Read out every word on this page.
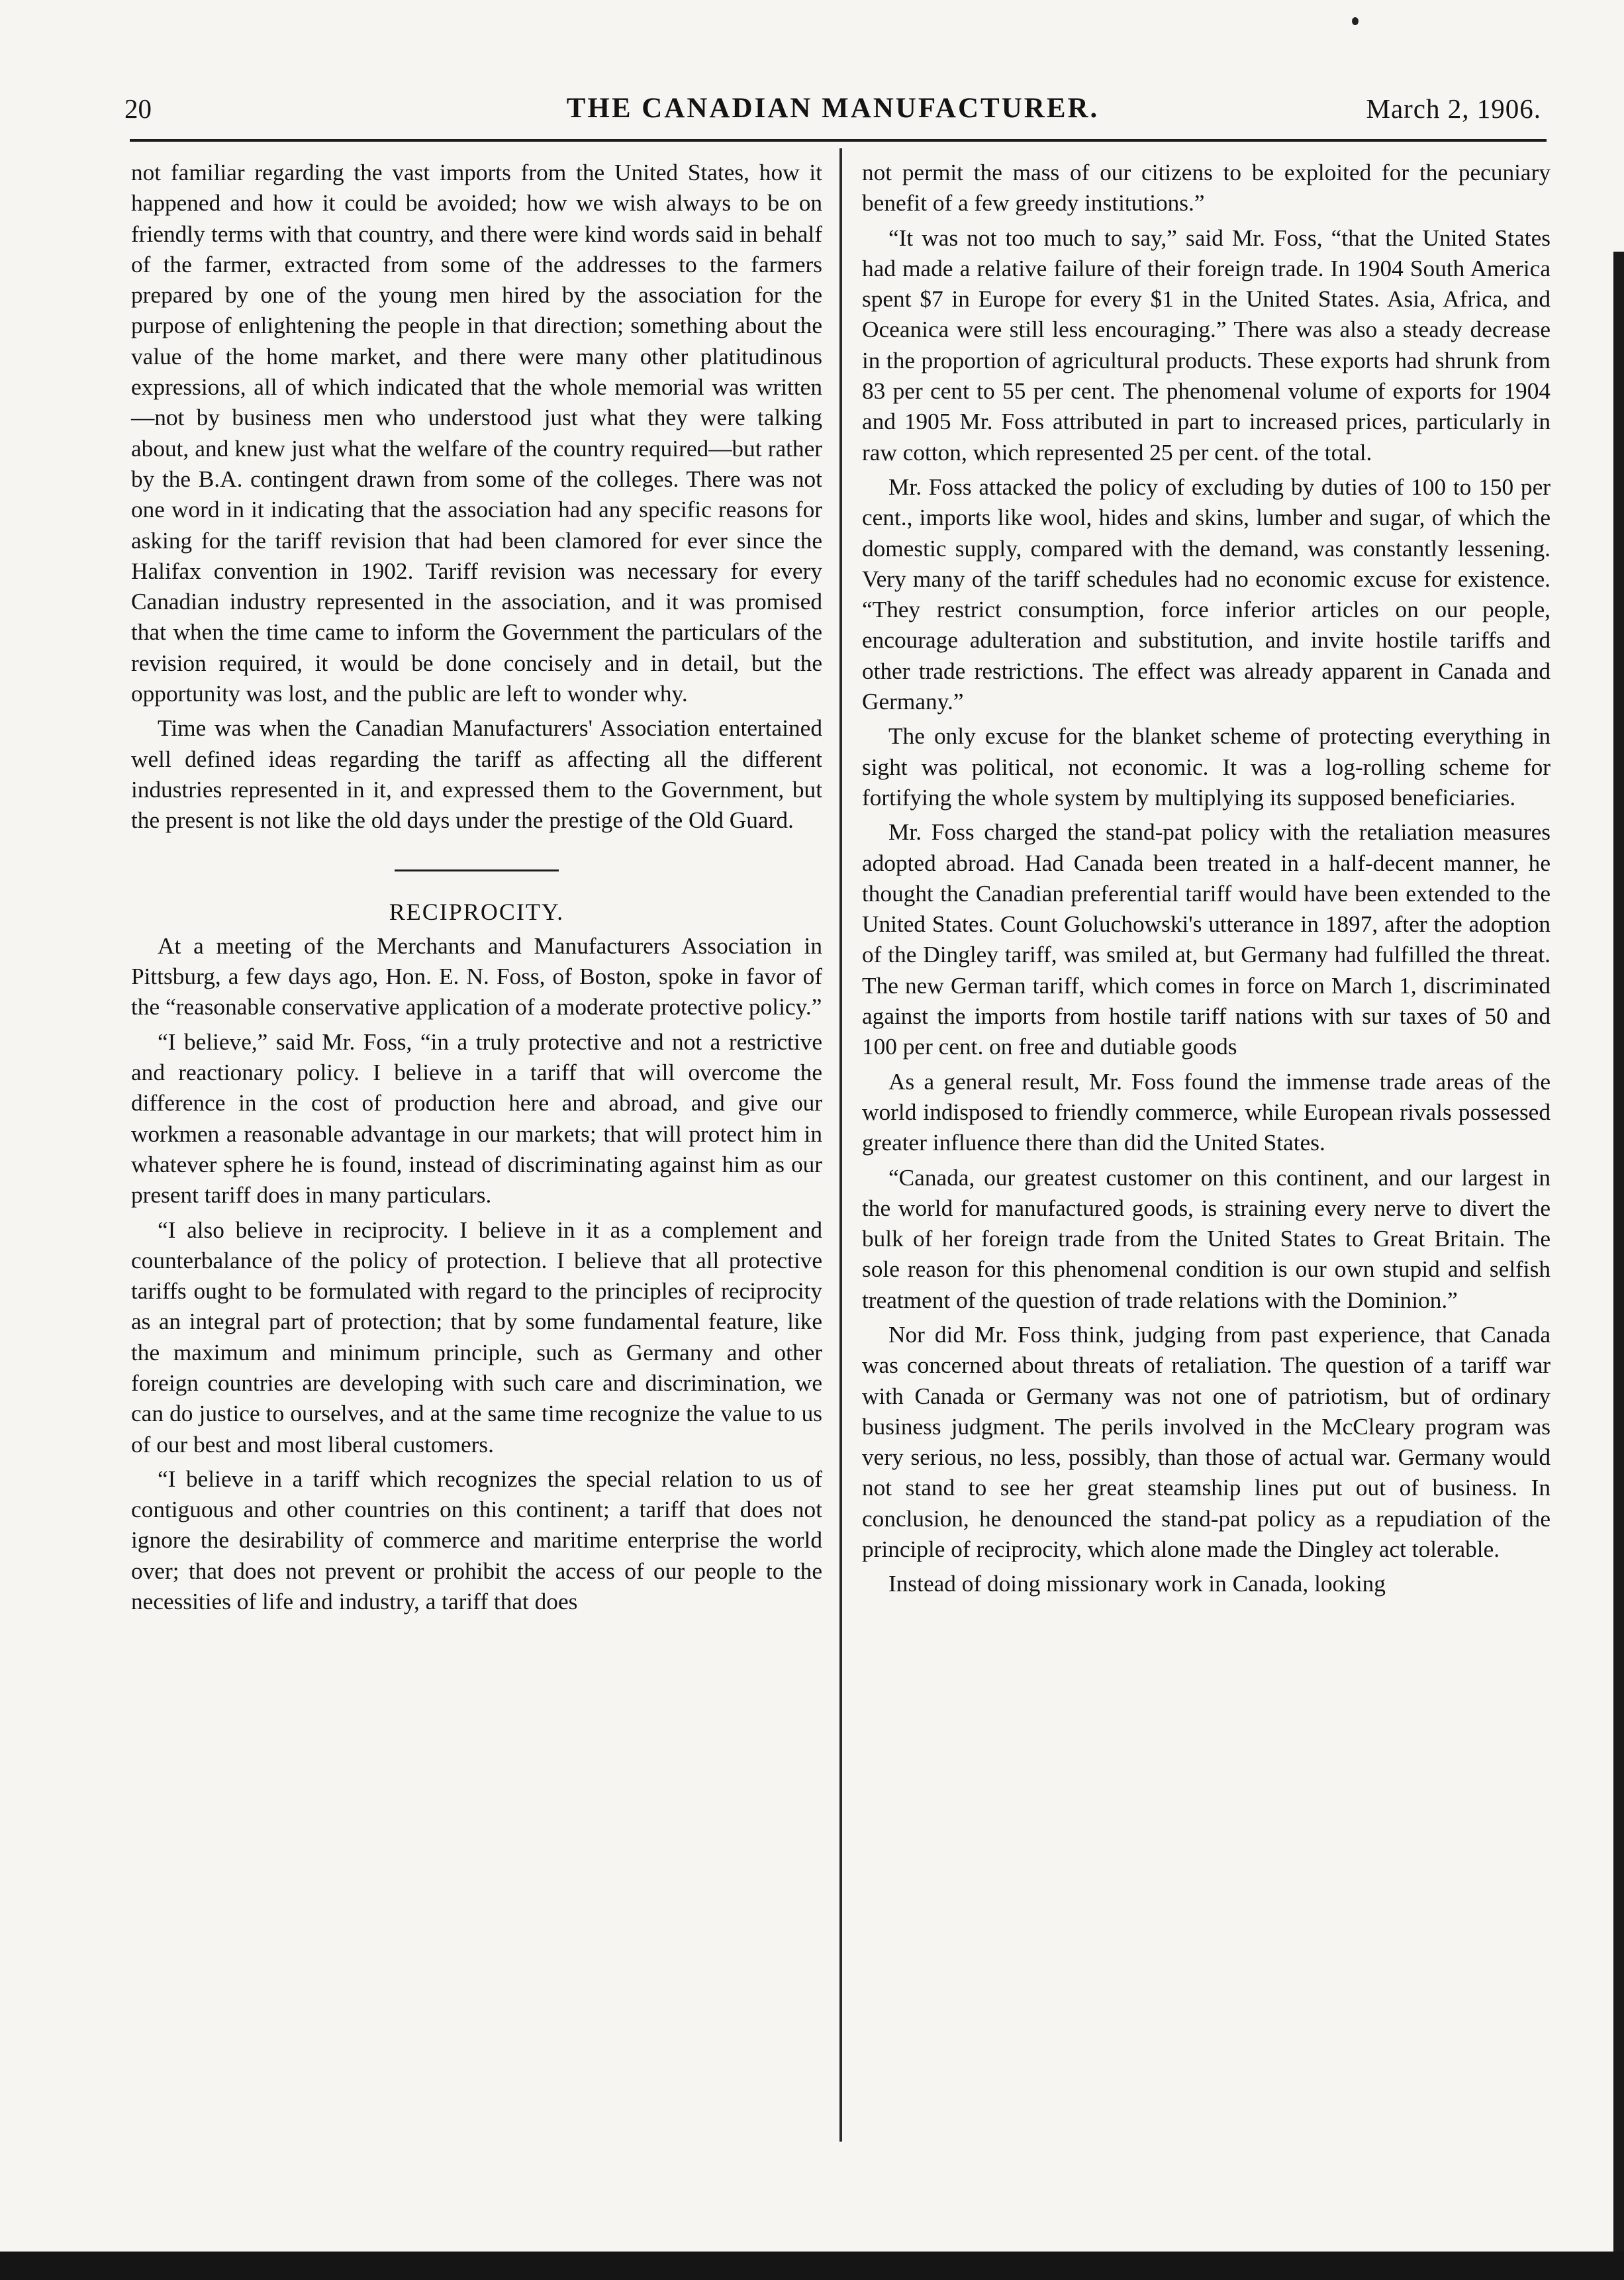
20	THE CANADIAN MANUFACTURER.	March 2, 1906.

not familiar regarding the vast imports from the United States, how it happened and how it could be avoided; how we wish always to be on friendly terms with that country, and there were kind words said in behalf of the farmer, extracted from some of the addresses to the farmers prepared by one of the young men hired by the association for the purpose of enlightening the people in that direction; something about the value of the home market, and there were many other platitudinous expressions, all of which indicated that the whole memorial was written—not by business men who understood just what they were talking about, and knew just what the welfare of the country required—but rather by the B.A. contingent drawn from some of the colleges. There was not one word in it indicating that the association had any specific reasons for asking for the tariff revision that had been clamored for ever since the Halifax convention in 1902. Tariff revision was necessary for every Canadian industry represented in the association, and it was promised that when the time came to inform the Government the particulars of the revision required, it would be done concisely and in detail, but the opportunity was lost, and the public are left to wonder why.

Time was when the Canadian Manufacturers' Association entertained well defined ideas regarding the tariff as affecting all the different industries represented in it, and expressed them to the Government, but the present is not like the old days under the prestige of the Old Guard.

RECIPROCITY.

At a meeting of the Merchants and Manufacturers Association in Pittsburg, a few days ago, Hon. E. N. Foss, of Boston, spoke in favor of the “reasonable conservative application of a moderate protective policy.”

“I believe,” said Mr. Foss, “in a truly protective and not a restrictive and reactionary policy. I believe in a tariff that will overcome the difference in the cost of production here and abroad, and give our workmen a reasonable advantage in our markets; that will protect him in whatever sphere he is found, instead of discriminating against him as our present tariff does in many particulars.

“I also believe in reciprocity. I believe in it as a complement and counterbalance of the policy of protection. I believe that all protective tariffs ought to be formulated with regard to the principles of reciprocity as an integral part of protection; that by some fundamental feature, like the maximum and minimum principle, such as Germany and other foreign countries are developing with such care and discrimination, we can do justice to ourselves, and at the same time recognize the value to us of our best and most liberal customers.

“I believe in a tariff which recognizes the special relation to us of contiguous and other countries on this continent; a tariff that does not ignore the desirability of commerce and maritime enterprise the world over; that does not prevent or prohibit the access of our people to the necessities of life and industry, a tariff that does

not permit the mass of our citizens to be exploited for the pecuniary benefit of a few greedy institutions.”

“It was not too much to say,” said Mr. Foss, “that the United States had made a relative failure of their foreign trade. In 1904 South America spent $7 in Europe for every $1 in the United States. Asia, Africa, and Oceanica were still less encouraging.” There was also a steady decrease in the proportion of agricultural products. These exports had shrunk from 83 per cent to 55 per cent. The phenomenal volume of exports for 1904 and 1905 Mr. Foss attributed in part to increased prices, particularly in raw cotton, which represented 25 per cent. of the total.

Mr. Foss attacked the policy of excluding by duties of 100 to 150 per cent., imports like wool, hides and skins, lumber and sugar, of which the domestic supply, compared with the demand, was constantly lessening. Very many of the tariff schedules had no economic excuse for existence. “They restrict consumption, force inferior articles on our people, encourage adulteration and substitution, and invite hostile tariffs and other trade restrictions. The effect was already apparent in Canada and Germany.”

The only excuse for the blanket scheme of protecting everything in sight was political, not economic. It was a log-rolling scheme for fortifying the whole system by multiplying its supposed beneficiaries.

Mr. Foss charged the stand-pat policy with the retaliation measures adopted abroad. Had Canada been treated in a half-decent manner, he thought the Canadian preferential tariff would have been extended to the United States. Count Goluchowski's utterance in 1897, after the adoption of the Dingley tariff, was smiled at, but Germany had fulfilled the threat. The new German tariff, which comes in force on March 1, discriminated against the imports from hostile tariff nations with sur taxes of 50 and 100 per cent. on free and dutiable goods

As a general result, Mr. Foss found the immense trade areas of the world indisposed to friendly commerce, while European rivals possessed greater influence there than did the United States.

“Canada, our greatest customer on this continent, and our largest in the world for manufactured goods, is straining every nerve to divert the bulk of her foreign trade from the United States to Great Britain. The sole reason for this phenomenal condition is our own stupid and selfish treatment of the question of trade relations with the Dominion.”

Nor did Mr. Foss think, judging from past experience, that Canada was concerned about threats of retaliation. The question of a tariff war with Canada or Germany was not one of patriotism, but of ordinary business judgment. The perils involved in the McCleary program was very serious, no less, possibly, than those of actual war. Germany would not stand to see her great steamship lines put out of business. In conclusion, he denounced the stand-pat policy as a repudiation of the principle of reciprocity, which alone made the Dingley act tolerable.

Instead of doing missionary work in Canada, looking
